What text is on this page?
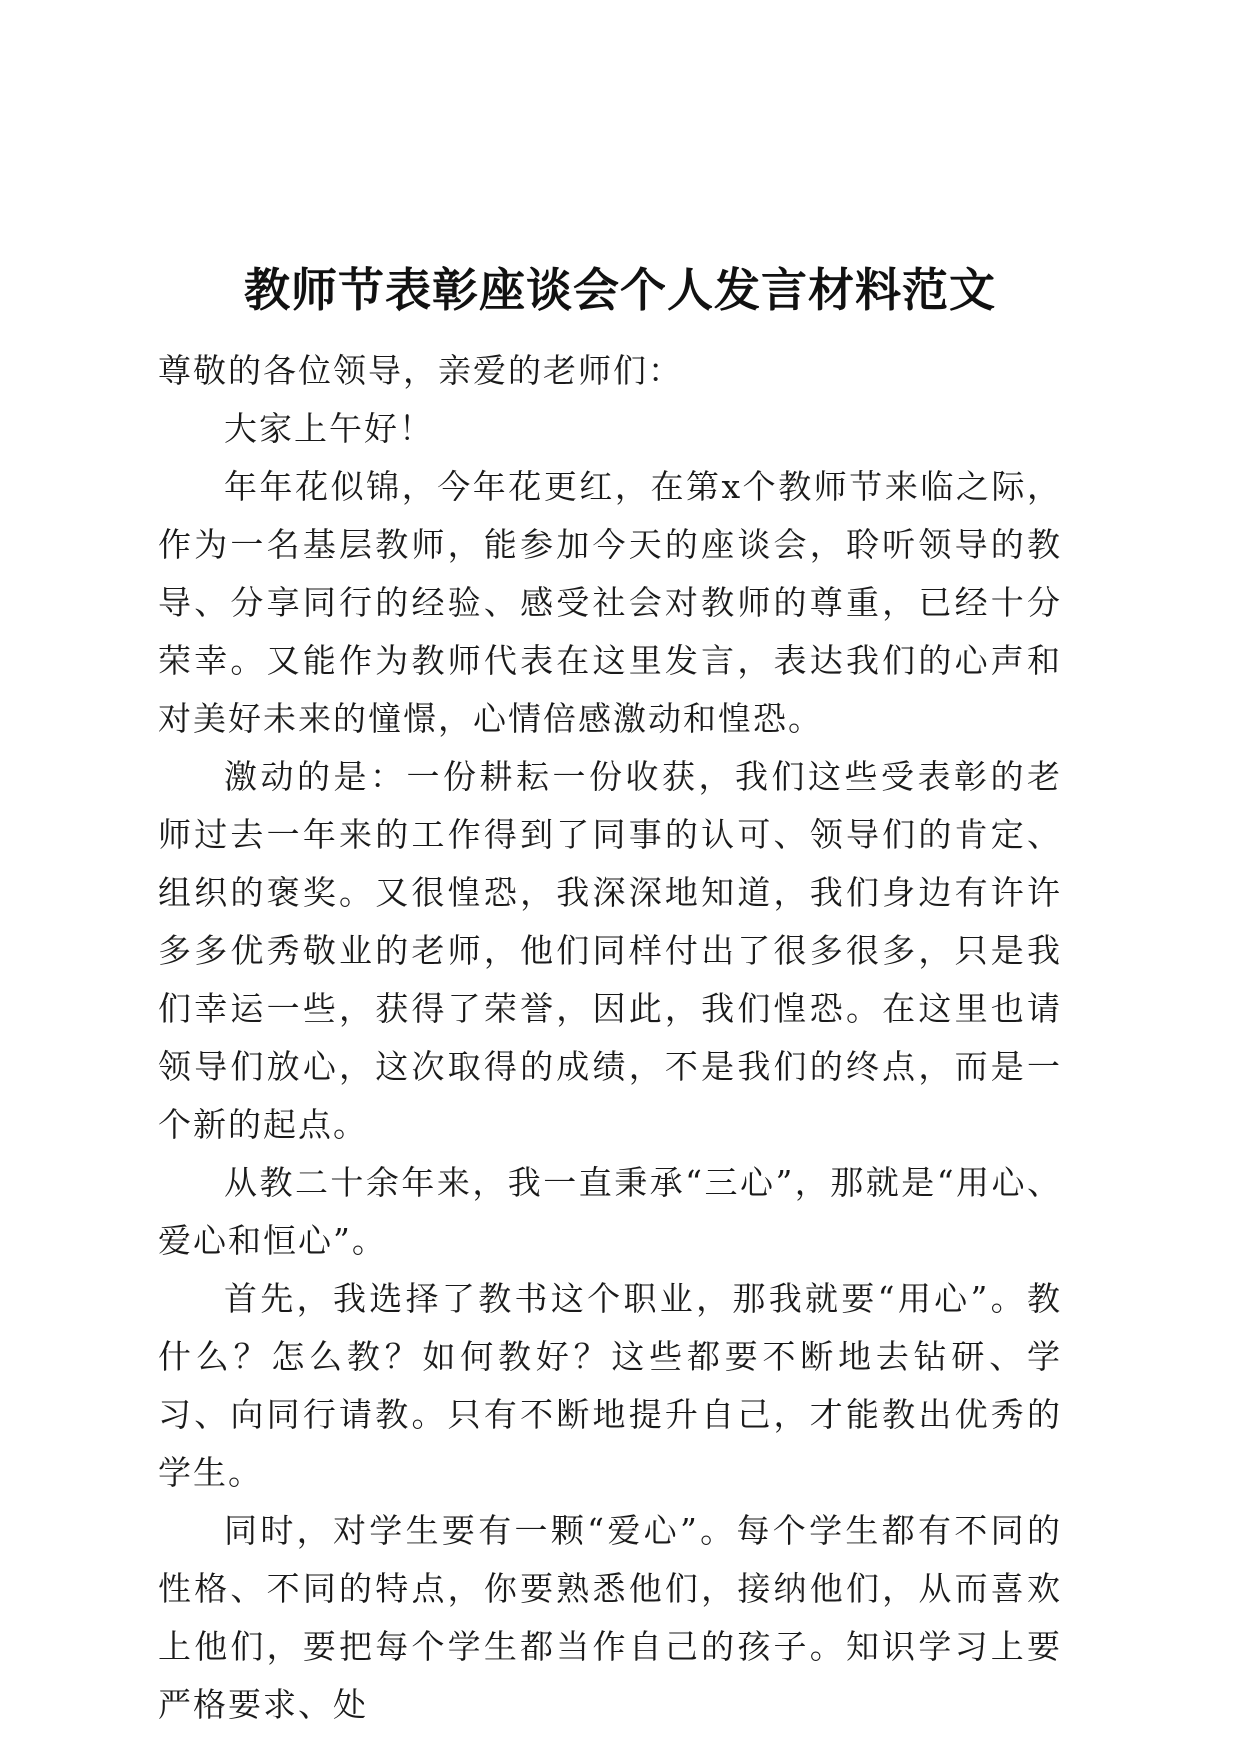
教师节表彰座谈会个人发言材料范文

尊敬的各位领导，亲爱的老师们：

大家上午好！

年年花似锦，今年花更红，在第x个教师节来临之际，作为一名基层教师，能参加今天的座谈会，聆听领导的教导、分享同行的经验、感受社会对教师的尊重，已经十分荣幸。又能作为教师代表在这里发言，表达我们的心声和对美好未来的憧憬，心情倍感激动和惶恐。

激动的是：一份耕耘一份收获，我们这些受表彰的老师过去一年来的工作得到了同事的认可、领导们的肯定、组织的褒奖。又很惶恐，我深深地知道，我们身边有许许多多优秀敬业的老师，他们同样付出了很多很多，只是我们幸运一些，获得了荣誉，因此，我们惶恐。在这里也请领导们放心，这次取得的成绩，不是我们的终点，而是一个新的起点。

从教二十余年来，我一直秉承“三心”，那就是“用心、爱心和恒心”。

首先，我选择了教书这个职业，那我就要“用心”。教什么？怎么教？如何教好？这些都要不断地去钻研、学习、向同行请教。只有不断地提升自己，才能教出优秀的学生。

同时，对学生要有一颗“爱心”。每个学生都有不同的性格、不同的特点，你要熟悉他们，接纳他们，从而喜欢上他们，要把每个学生都当作自己的孩子。知识学习上要严格要求、处
